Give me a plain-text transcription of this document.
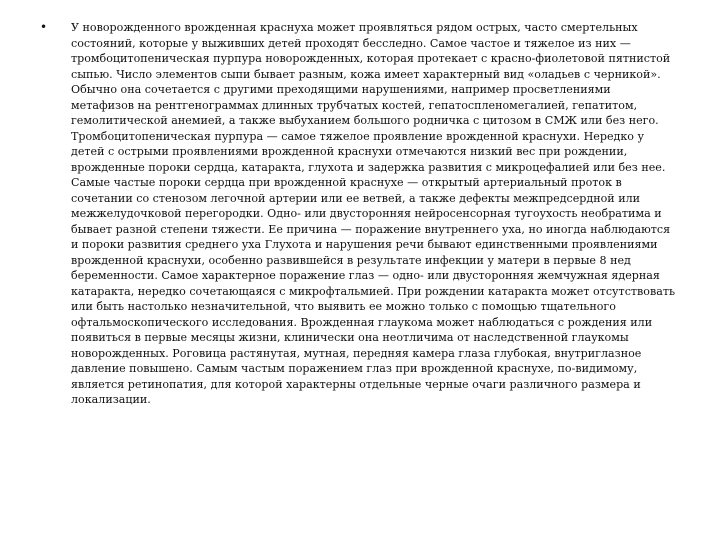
• У новорожденного врожденная краснуха может проявляться рядом острых, часто смертельных
состояний, которые у выживших детей проходят бесследно. Самое частое и тяжелое из них —
тромбоцитопеническая пурпура новорожденных, которая протекает с красно-фиолетовой пятнистой
сыпью. Число элементов сыпи бывает разным, кожа имеет характерный вид «оладьев с черникой».
Обычно она сочетается с другими преходящими нарушениями, например просветлениями
метафизов на рентгенограммах длинных трубчатых костей, гепатоспленомегалией, гепатитом,
гемолитической анемией, а также выбуханием большого родничка с цитозом в СМЖ или без него.
Тромбоцитопеническая пурпура — самое тяжелое проявление врожденной краснухи. Нередко у
детей с острыми проявлениями врожденной краснухи отмечаются низкий вес при рождении,
врожденные пороки сердца, катаракта, глухота и задержка развития с микроцефалией или без нее.
Самые частые пороки сердца при врожденной краснухе — открытый артериальный проток в
сочетании со стенозом легочной артерии или ее ветвей, а также дефекты межпредсердной или
межжелудочковой перегородки. Одно- или двусторонняя нейросенсорная тугоухость необратима и
бывает разной степени тяжести. Ее причина — поражение внутреннего уха, но иногда наблюдаются
и пороки развития среднего уха Глухота и нарушения речи бывают единственными проявлениями
врожденной краснухи, особенно развившейся в результате инфекции у матери в первые 8 нед
беременности. Самое характерное поражение глаз — одно- или двусторонняя жемчужная ядерная
катаракта, нередко сочетающаяся с микрофтальмией. При рождении катаракта может отсутствовать
или быть настолько незначительной, что выявить ее можно только с помощью тщательного
офтальмоскопического исследования. Врожденная глаукома может наблюдаться с рождения или
появиться в первые месяцы жизни, клинически она неотличима от наследственной глаукомы
новорожденных. Роговица растянутая, мутная, передняя камера глаза глубокая, внутриглазное
давление повышено. Самым частым поражением глаз при врожденной краснухе, по-видимому,
является ретинопатия, для которой характерны отдельные черные очаги различного размера и
локализации.
